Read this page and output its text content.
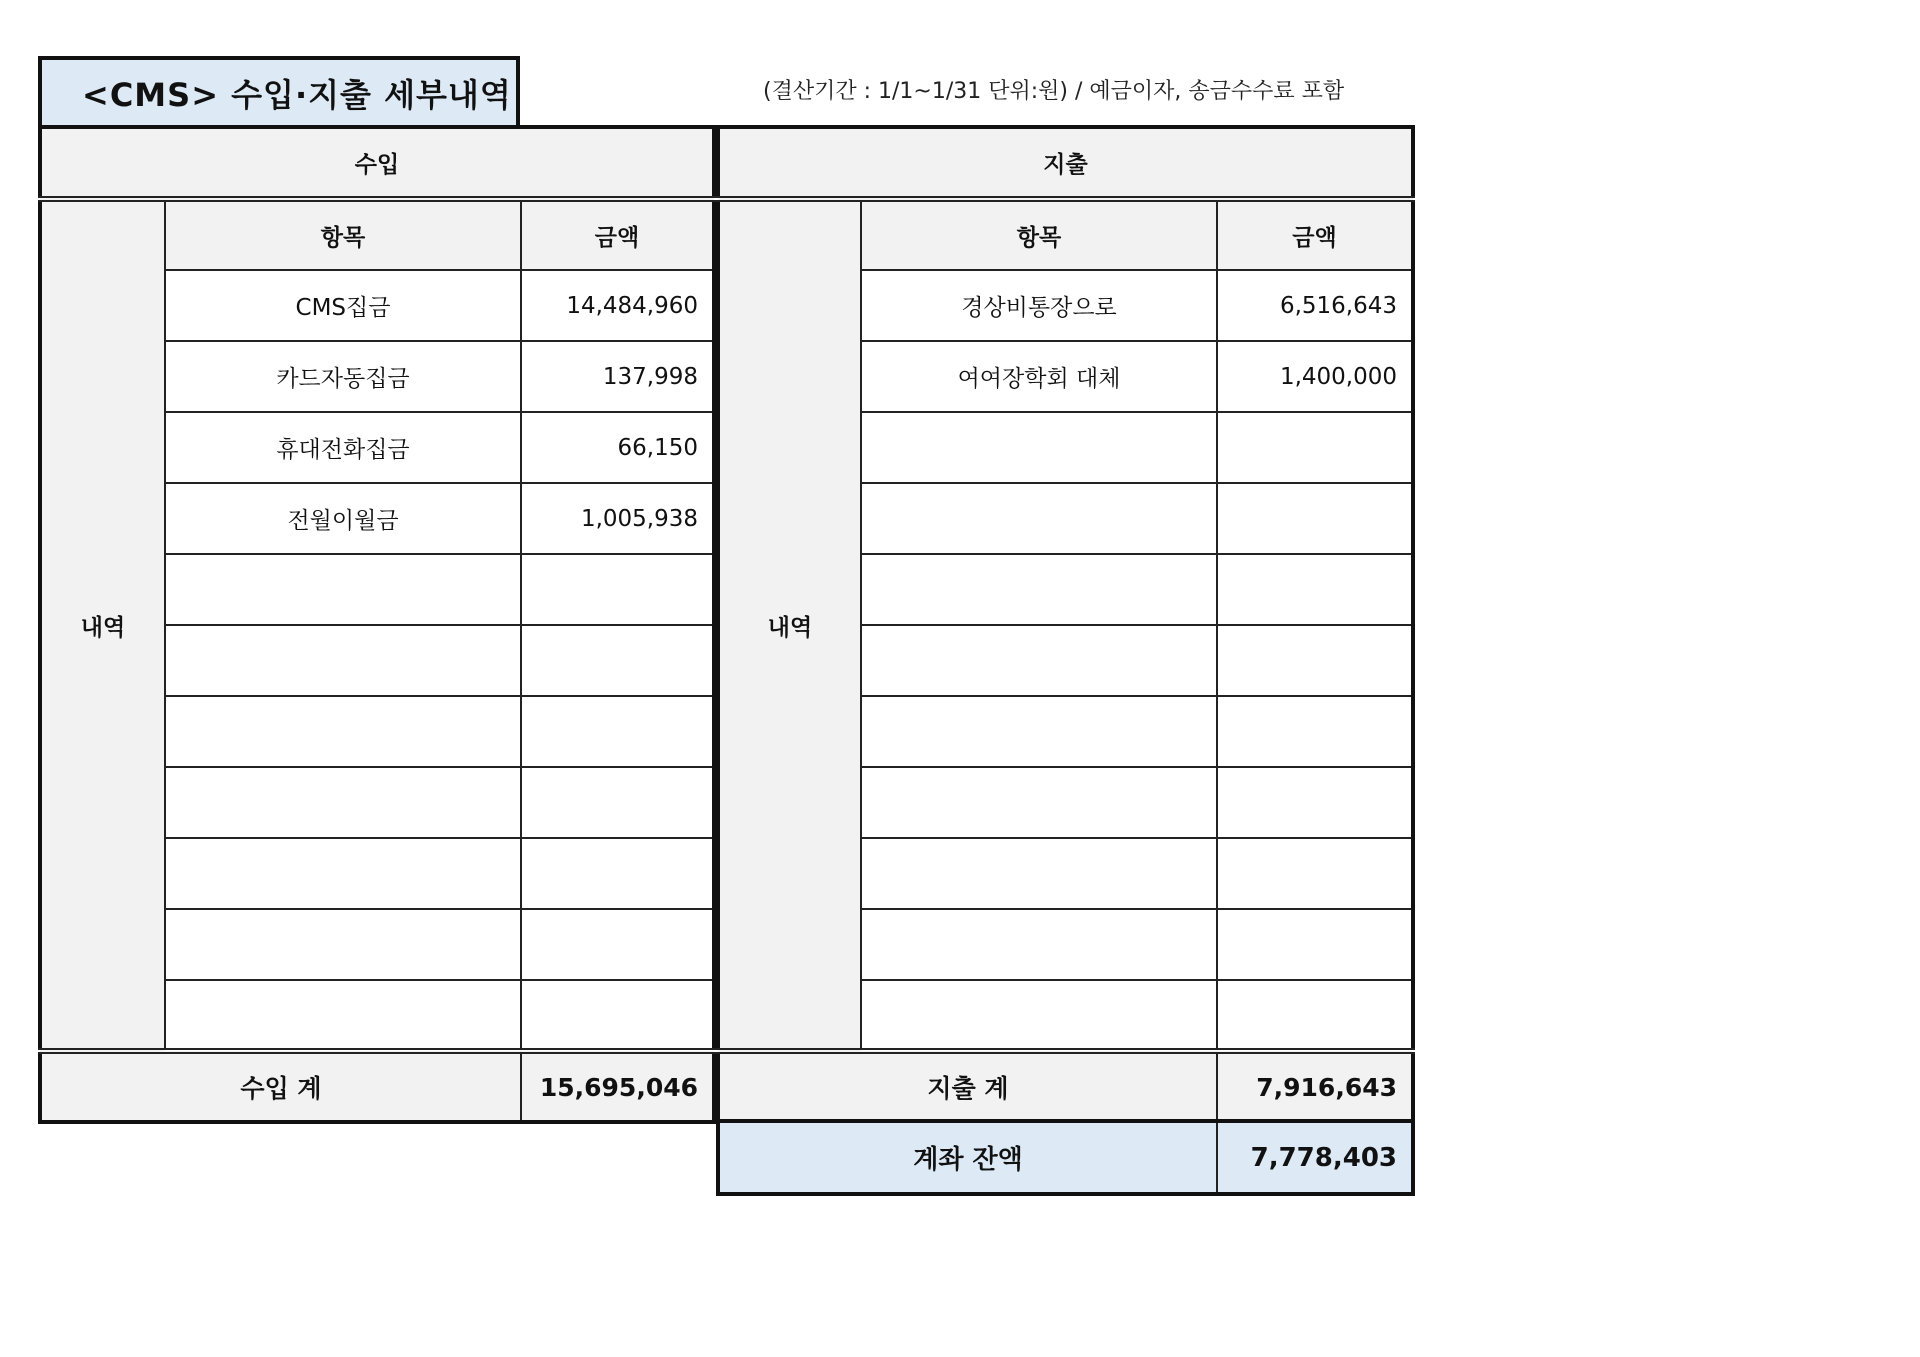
<CMS> 수입·지출 세부내역	(결산기간 : 1/1~1/31 단위:원) / 예금이자, 송금수수료 포함
수입		
내역	항목	금액
	CMS집금	14,484,960
	카드자동집금	137,998
	휴대전화집금	66,150
	전월이월금	1,005,938

수입 계		15,695,046
지출		
내역	항목	금액
	경상비통장으로	6,516,643
	여여장학회 대체	1,400,000

지출 계		7,916,643
계좌 잔액	7,778,403
